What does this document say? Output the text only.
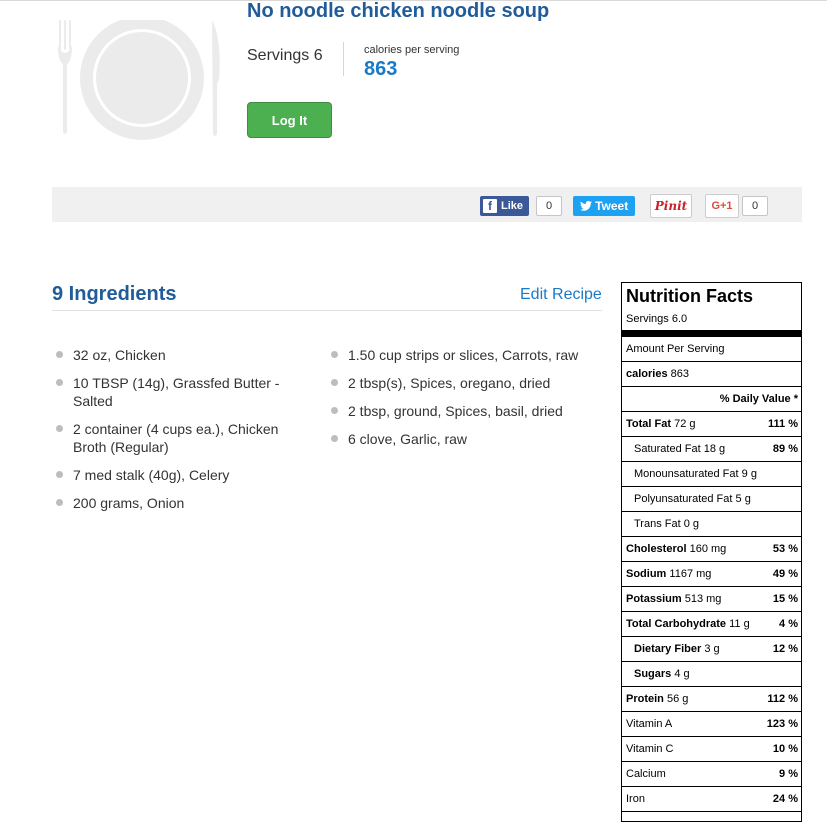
No noodle chicken noodle soup
Servings 6	calories per serving
863
Log It
f Like	0	Tweet	Pinit	G+1	0
9 Ingredients	Edit Recipe
32 oz, Chicken
10 TBSP (14g), Grassfed Butter - Salted
2 container (4 cups ea.), Chicken Broth (Regular)
7 med stalk (40g), Celery
200 grams, Onion
1.50 cup strips or slices, Carrots, raw
2 tbsp(s), Spices, oregano, dried
2 tbsp, ground, Spices, basil, dried
6 clove, Garlic, raw
Nutrition Facts
Servings 6.0
Amount Per Serving
calories 863
% Daily Value *
Total Fat 72 g	111 %
Saturated Fat 18 g	89 %
Monounsaturated Fat 9 g
Polyunsaturated Fat 5 g
Trans Fat 0 g
Cholesterol 160 mg	53 %
Sodium 1167 mg	49 %
Potassium 513 mg	15 %
Total Carbohydrate 11 g	4 %
Dietary Fiber 3 g	12 %
Sugars 4 g
Protein 56 g	112 %
Vitamin A	123 %
Vitamin C	10 %
Calcium	9 %
Iron	24 %
